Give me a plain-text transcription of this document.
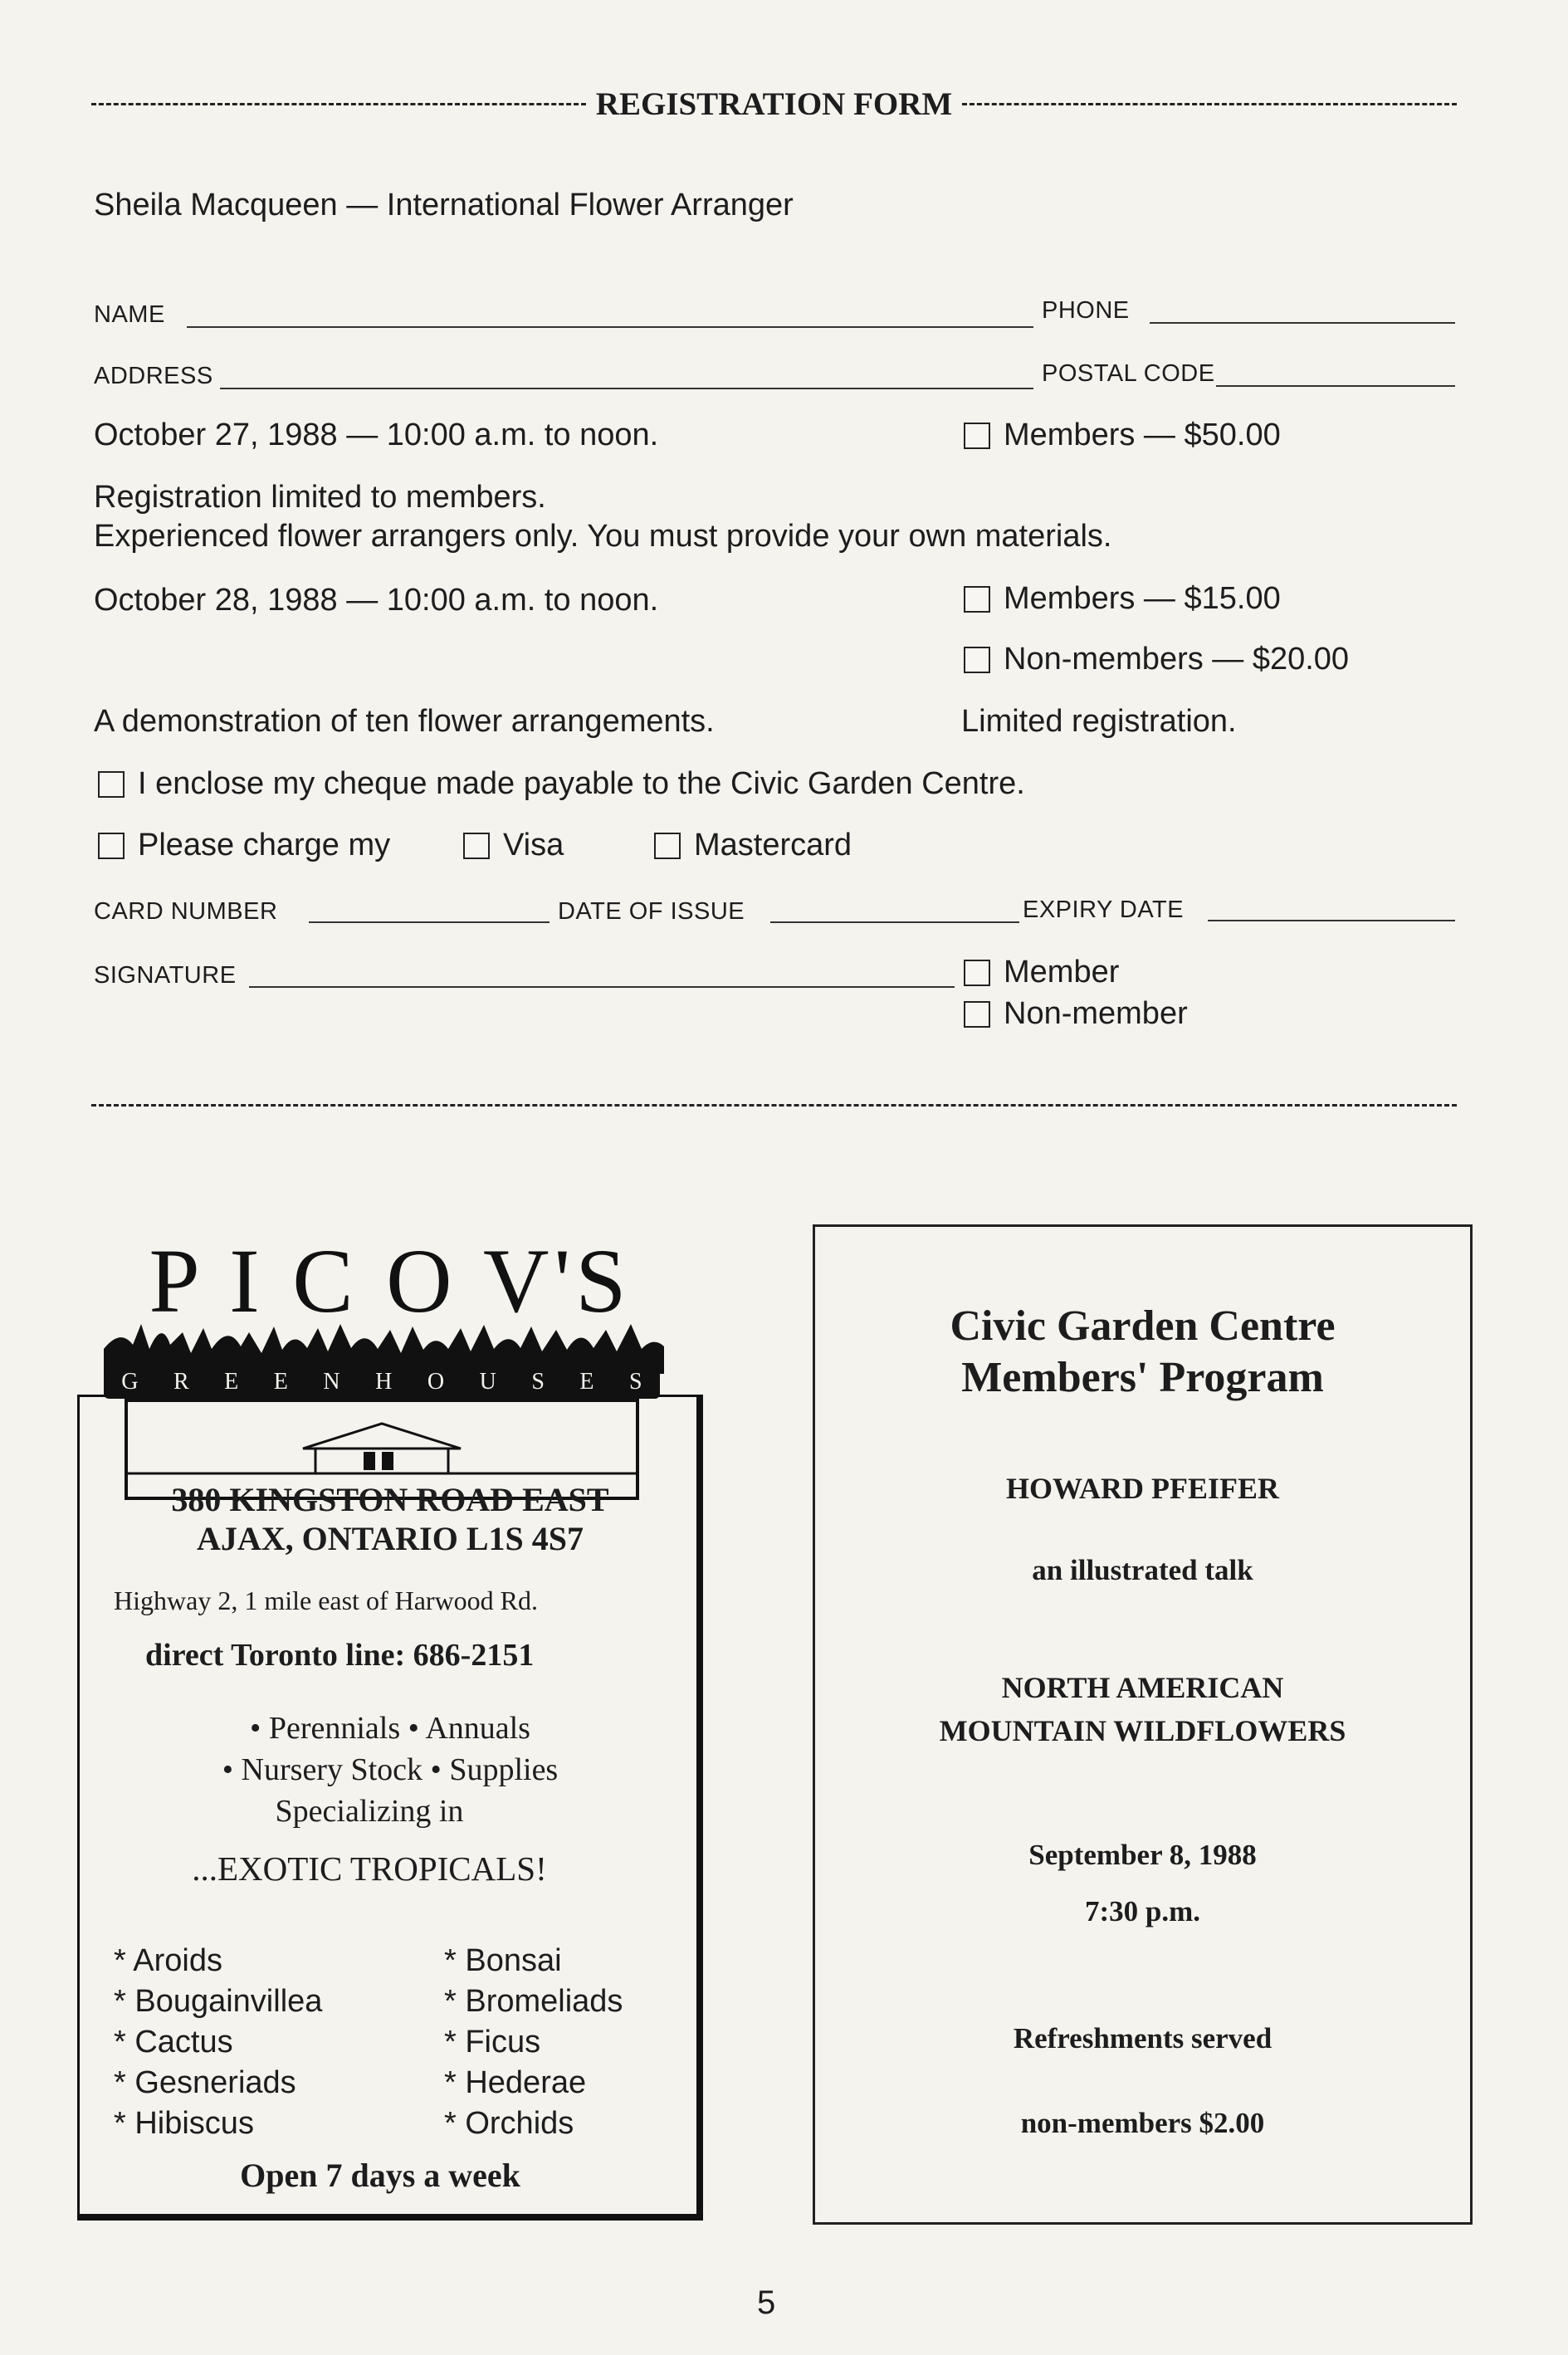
REGISTRATION FORM
Sheila Macqueen — International Flower Arranger
NAME	PHONE
ADDRESS	POSTAL CODE
October 27, 1988 — 10:00 a.m. to noon.	Members — $50.00
Registration limited to members.
Experienced flower arrangers only. You must provide your own materials.
October 28, 1988 — 10:00 a.m. to noon.	Members — $15.00
Non-members — $20.00
A demonstration of ten flower arrangements.	Limited registration.
I enclose my cheque made payable to the Civic Garden Centre.
Please charge my	Visa	Mastercard
CARD NUMBER	DATE OF ISSUE	EXPIRY DATE
SIGNATURE	Member
Non-member
P I C O V'S
G R E E N H O U S E S
380 KINGSTON ROAD EAST
AJAX, ONTARIO L1S 4S7
Highway 2, 1 mile east of Harwood Rd.
direct Toronto line: 686-2151
• Perennials • Annuals
• Nursery Stock • Supplies
Specializing in
...EXOTIC TROPICALS!
* Aroids
* Bougainvillea
* Cactus
* Gesneriads
* Hibiscus
* Bonsai
* Bromeliads
* Ficus
* Hederae
* Orchids
Open 7 days a week
Civic Garden Centre
Members' Program
HOWARD PFEIFER
an illustrated talk
NORTH AMERICAN
MOUNTAIN WILDFLOWERS
September 8, 1988
7:30 p.m.
Refreshments served
non-members $2.00
5
